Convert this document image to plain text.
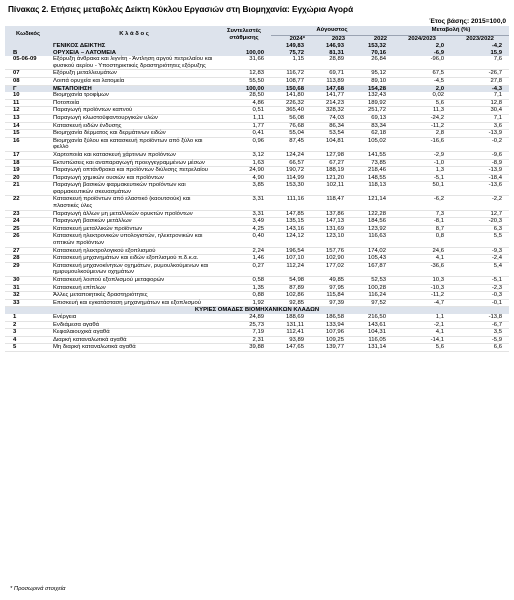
Πίνακας 2. Ετήσιες μεταβολές Δείκτη Κύκλου Εργασιών στη Βιομηχανία: Εγχώρια Αγορά
Έτος βάσης: 2015=100,0
Κωδικός	Κ λ ά δ ο ς	Συντελεστές στάθμισης	Αύγουστος			Μεταβολή (%)	
			2024*	2023	2022	2024/2023	2023/2022
	ΓΕΝΙΚΟΣ ΔΕΙΚΤΗΣ		149,83	146,93	153,32	2,0	-4,2
Β	ΟΡΥΧΕΙΑ – ΛΑΤΟΜΕΙΑ	100,00	75,72	81,31	70,16	-6,9	15,9
05-06-09	Εξόρυξη άνθρακα και λιγνίτη - Άντληση αργού πετρελαίου και φυσικού αερίου - Υποστηρικτικές δραστηριότητες εξόρυξης	31,66	1,15	28,89	26,84	-96,0	7,6
07	Εξόρυξη μεταλλευμάτων	12,83	116,72	69,71	95,12	67,5	-26,7
08	Λοιπά ορυχεία και λατομεία	55,50	108,77	113,89	89,10	-4,5	27,8
Γ	ΜΕΤΑΠΟΙΗΣΗ	100,00	150,68	147,68	154,28	2,0	-4,3
10	Βιομηχανία τροφίμων	28,50	141,80	141,77	132,43	0,02	7,1
11	Ποτοποιία	4,86	226,32	214,23	189,92	5,6	12,8
12	Παραγωγή προϊόντων καπνού	0,51	365,40	328,32	251,72	11,3	30,4
13	Παραγωγή κλωστοϋφαντουργικών υλών	1,11	56,08	74,03	69,13	-24,2	7,1
14	Κατασκευή ειδών ένδυσης	1,77	76,68	86,34	83,34	-11,2	3,6
15	Βιομηχανία δέρματος και δερμάτινων ειδών	0,41	55,04	53,54	62,18	2,8	-13,9
16	Βιομηχανία ξύλου και κατασκευή προϊόντων από ξύλο και φελλό	0,96	87,45	104,81	105,02	-16,6	-0,2
17	Χαρτοποιία και κατασκευή χάρτινων προϊόντων	3,12	124,24	127,98	141,55	-2,9	-9,6
18	Εκτυπώσεις και αναπαραγωγή προεγγεγραμμένων μέσων	1,63	66,57	67,27	73,85	-1,0	-8,9
19	Παραγωγή οπτάνθρακα και προϊόντων διύλισης πετρελαίου	24,90	190,72	188,19	218,46	1,3	-13,9
20	Παραγωγή χημικών ουσιών και προϊόντων	4,90	114,99	121,20	148,55	-5,1	-18,4
21	Παραγωγή βασικών φαρμακευτικών προϊόντων και φαρμακευτικών σκευασμάτων	3,85	153,30	102,11	118,13	50,1	-13,6
22	Κατασκευή προϊόντων από ελαστικό (καουτσούκ) και πλαστικές ύλες	3,31	111,16	118,47	121,14	-6,2	-2,2
23	Παραγωγή άλλων μη μεταλλικών ορυκτών προϊόντων	3,31	147,85	137,86	122,28	7,3	12,7
24	Παραγωγή βασικών μετάλλων	3,49	135,15	147,13	184,56	-8,1	-20,3
25	Κατασκευή μεταλλικών προϊόντων	4,25	143,16	131,69	123,92	8,7	6,3
26	Κατασκευή ηλεκτρονικών υπολογιστών, ηλεκτρονικών και οπτικών προϊόντων	0,40	124,12	123,10	116,63	0,8	5,5
27	Κατασκευή ηλεκτρολογικού εξοπλισμού	2,24	196,54	157,76	174,02	24,6	-9,3
28	Κατασκευή μηχανημάτων και ειδών εξοπλισμού π.δ.κ.α.	1,46	107,10	102,90	105,43	4,1	-2,4
29	Κατασκευή μηχανοκίνητων οχημάτων, ρυμουλκούμενων και ημιρυμουλκούμενων οχημάτων	0,27	112,24	177,02	167,87	-36,6	5,4
30	Κατασκευή λοιπού εξοπλισμού μεταφορών	0,58	54,98	49,85	52,53	10,3	-5,1
31	Κατασκευή επίπλων	1,35	87,89	97,95	100,28	-10,3	-2,3
32	Άλλες μεταποιητικές δραστηριότητες	0,88	102,86	115,84	116,24	-11,2	-0,3
33	Επισκευή και εγκατάσταση μηχανημάτων και εξοπλισμού	1,92	92,85	97,39	97,52	-4,7	-0,1
ΚΥΡΙΕΣ ΟΜΑΔΕΣ ΒΙΟΜΗΧΑΝΙΚΩΝ ΚΛΑΔΩΝ							
1	Ενέργεια	24,89	188,69	186,58	216,50	1,1	-13,8
2	Ενδιάμεσα αγαθά	25,73	131,11	133,94	143,61	-2,1	-6,7
3	Κεφαλαιουχικά αγαθά	7,19	112,41	107,96	104,31	4,1	3,5
4	Διαρκή καταναλωτικά αγαθά	2,31	93,89	109,25	116,05	-14,1	-5,9
5	Μη διαρκή καταναλωτικά αγαθά	39,88	147,65	139,77	131,14	5,6	6,6
* Προσωρινά στοιχεία
